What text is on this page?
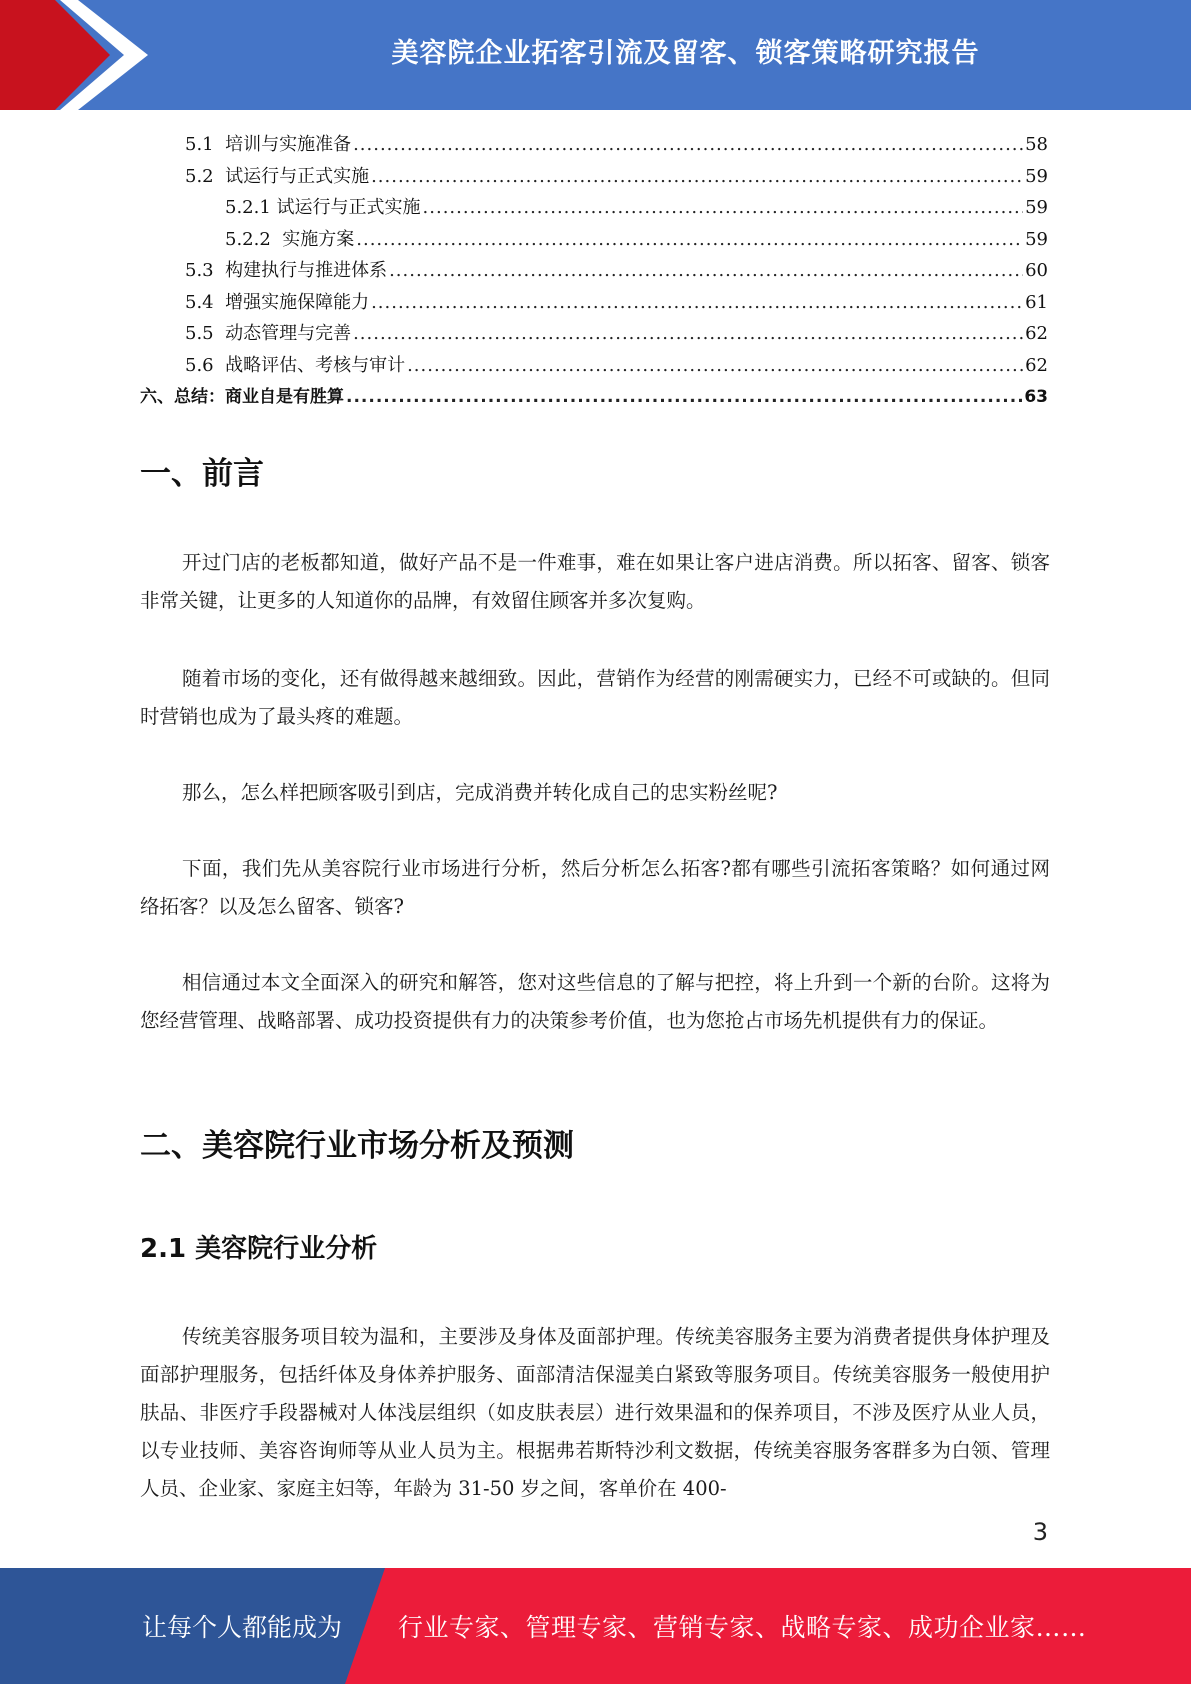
美容院企业拓客引流及留客、锁客策略研究报告
5.1  培训与实施准备 .....	58
5.2  试运行与正式实施 .....	59
5.2.1 试运行与正式实施 .....	59
5.2.2  实施方案 .....	59
5.3  构建执行与推进体系 .....	60
5.4  增强实施保障能力 .....	61
5.5  动态管理与完善 .....	62
5.6  战略评估、考核与审计 .....	62
六、总结：商业自是有胜算 .....	63
一、前言

开过门店的老板都知道，做好产品不是一件难事，难在如果让客户进店消费。所以拓客、留客、锁客非常关键，让更多的人知道你的品牌，有效留住顾客并多次复购。

随着市场的变化，还有做得越来越细致。因此，营销作为经营的刚需硬实力，已经不可或缺的。但同时营销也成为了最头疼的难题。

那么，怎么样把顾客吸引到店，完成消费并转化成自己的忠实粉丝呢?

下面，我们先从美容院行业市场进行分析，然后分析怎么拓客?都有哪些引流拓客策略？如何通过网络拓客？以及怎么留客、锁客?

相信通过本文全面深入的研究和解答，您对这些信息的了解与把控，将上升到一个新的台阶。这将为您经营管理、战略部署、成功投资提供有力的决策参考价值，也为您抢占市场先机提供有力的保证。

二、美容院行业市场分析及预测
2.1 美容院行业分析

传统美容服务项目较为温和，主要涉及身体及面部护理。传统美容服务主要为消费者提供身体护理及面部护理服务，包括纤体及身体养护服务、面部清洁保湿美白紧致等服务项目。传统美容服务一般使用护肤品、非医疗手段器械对人体浅层组织（如皮肤表层）进行效果温和的保养项目，不涉及医疗从业人员，以专业技师、美容咨询师等从业人员为主。根据弗若斯特沙利文数据，传统美容服务客群多为白领、管理人员、企业家、家庭主妇等，年龄为 31-50 岁之间，客单价在 400-

3
让每个人都能成为 行业专家、管理专家、营销专家、战略专家、成功企业家……
